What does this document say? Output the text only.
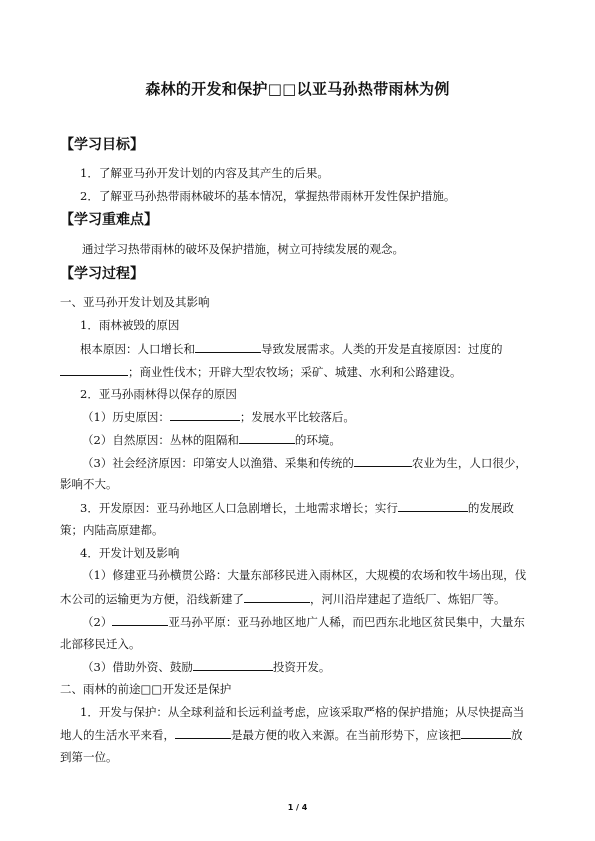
森林的开发和保护□□以亚马孙热带雨林为例
【学习目标】
1．了解亚马孙开发计划的内容及其产生的后果。
2．了解亚马孙热带雨林破坏的基本情况，掌握热带雨林开发性保护措施。
【学习重难点】
通过学习热带雨林的破坏及保护措施，树立可持续发展的观念。
【学习过程】
一、亚马孙开发计划及其影响
1．雨林被毁的原因
根本原因：人口增长和	导致发展需求。人类的开发是直接原因：过度的
；商业性伐木；开辟大型农牧场；采矿、城建、水利和公路建设。
2．亚马孙雨林得以保存的原因
（1）历史原因：	；发展水平比较落后。
（2）自然原因：丛林的阻隔和	的环境。
（3）社会经济原因：印第安人以渔猎、采集和传统的	农业为生，人口很少，
影响不大。
3．开发原因：亚马孙地区人口急剧增长，土地需求增长；实行	的发展政
策；内陆高原建都。
4．开发计划及影响
（1）修建亚马孙横贯公路：大量东部移民进入雨林区，大规模的农场和牧牛场出现，伐
木公司的运输更为方便，沿线新建了	，河川沿岸建起了造纸厂、炼铝厂等。
（2）	亚马孙平原：亚马孙地区地广人稀，而巴西东北地区贫民集中，大量东
北部移民迁入。
（3）借助外资、鼓励	投资开发。
二、雨林的前途□□开发还是保护
1．开发与保护：从全球利益和长远利益考虑，应该采取严格的保护措施；从尽快提高当
地人的生活水平来看，	是最方便的收入来源。在当前形势下，应该把	放
到第一位。
1 / 4
